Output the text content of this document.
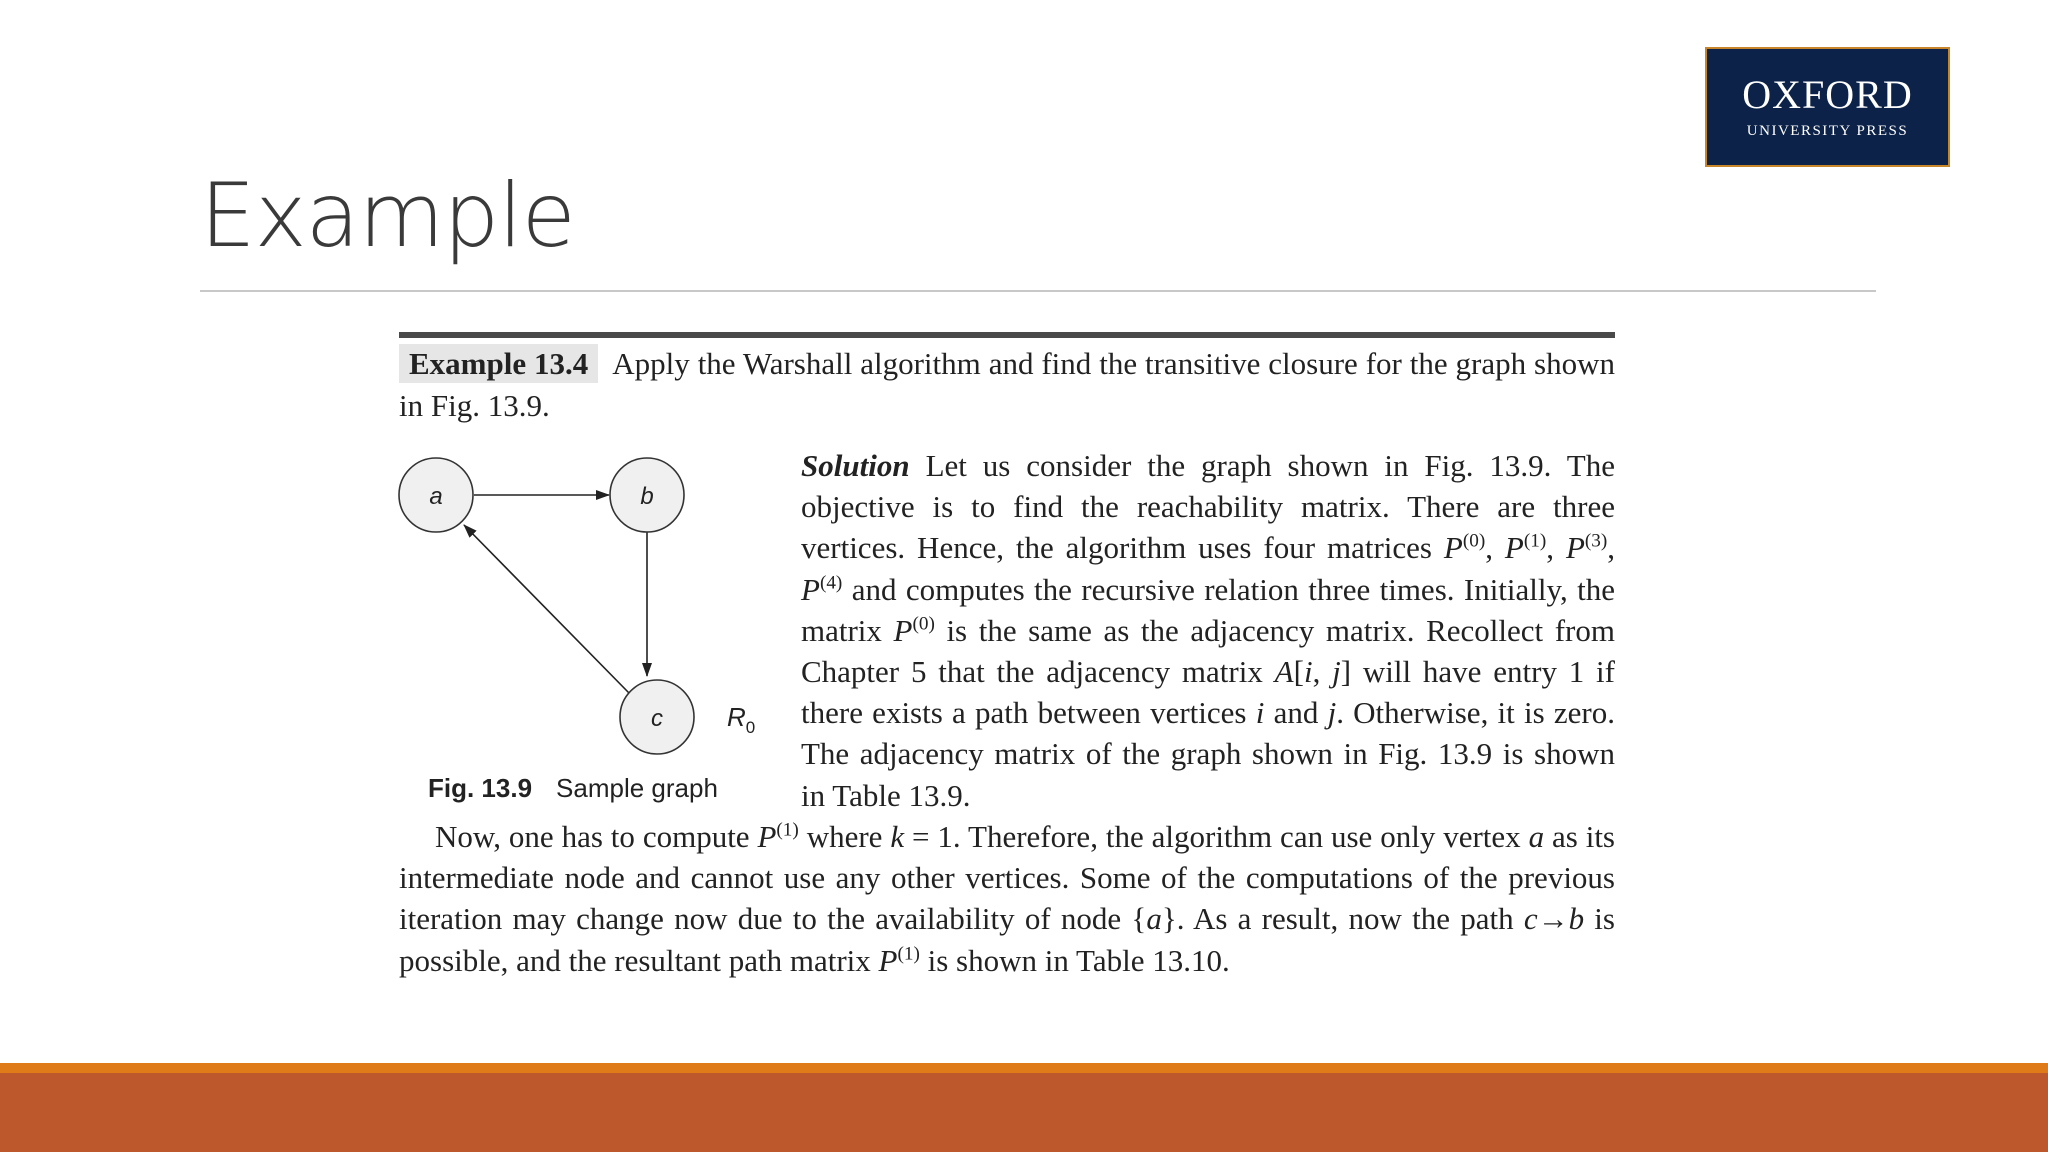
OXFORD
UNIVERSITY PRESS
Example
Example 13.4 Apply the Warshall algorithm and find the transitive closure for the graph shown in Fig. 13.9.
a	b
c $R_0$
Fig. 13.9 Sample graph
Solution Let us consider the graph shown in Fig. 13.9. The objective is to find the reachability matrix. There are three vertices. Hence, the algorithm uses four matrices $P^{(0)}$, $P^{(1)}$, $P^{(3)}$, $P^{(4)}$ and computes the recursive relation three times. Initially, the matrix $P^{(0)}$ is the same as the adjacency matrix. Recollect from Chapter 5 that the adjacency matrix A[i, j] will have entry 1 if there exists a path between vertices i and j. Otherwise, it is zero. The adjacency matrix of the graph shown in Fig. 13.9 is shown in Table 13.9.
Now, one has to compute $P^{(1)}$ where k = 1. Therefore, the algorithm can use only vertex a as its intermediate node and cannot use any other vertices. Some of the computations of the previous iteration may change now due to the availability of node {a}. As a result, now the path c→b is possible, and the resultant path matrix $P^{(1)}$ is shown in Table 13.10.
